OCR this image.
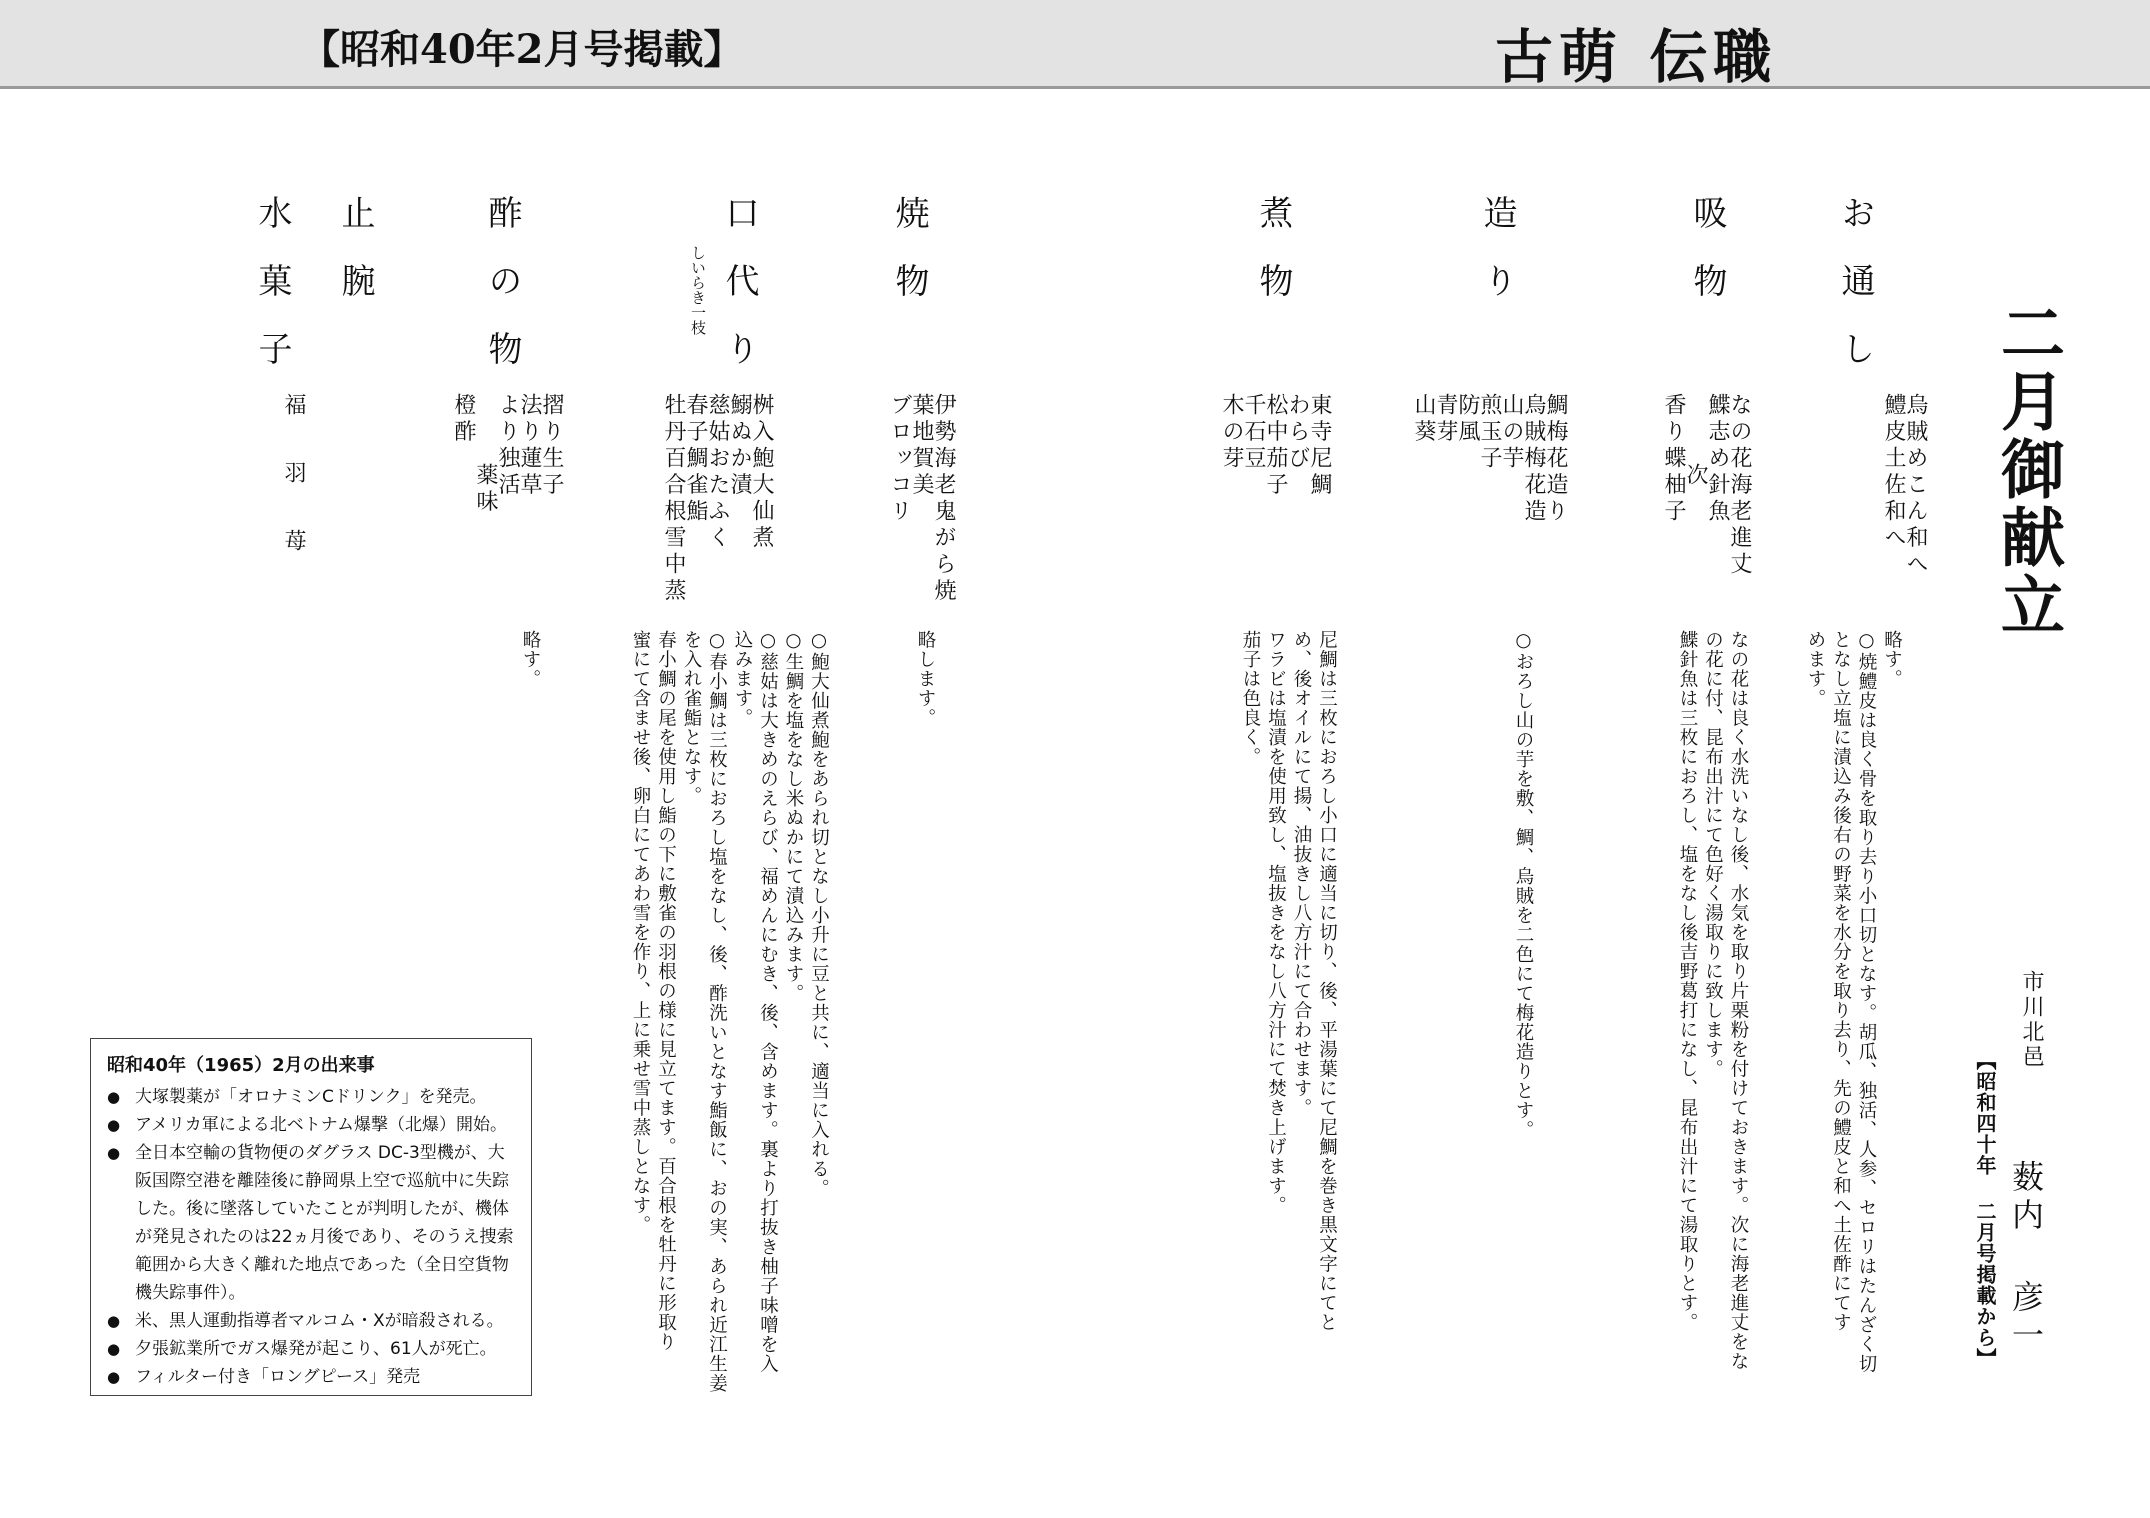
【昭和40年2月号掲載】	古萌 伝職
二月御献立
市川北邑
薮内 彦一
【昭和四十年 二月号掲載から】
お通し

烏賊めこん和へ
鱧皮土佐和へ

略す。
○焼鱧皮は良く骨を取り去り小口切となす。胡瓜、独活、人参、セロリはたんざく切
となし立塩に漬込み後右の野菜を水分を取り去り、先の鱧皮と和へ土佐酢にてす
めます。

吸物

なの花海老進丈
鰈志め針魚
次
香り蝶柚子

なの花は良く水洗いなし後、水気を取り片栗粉を付けておきます。次に海老進丈をな
の花に付、昆布出汁にて色好く湯取りに致します。
鰈針魚は三枚におろし、塩をなし後吉野葛打になし、昆布出汁にて湯取りとす。

造り

鯛梅花造り
烏賊梅花造
山の芋
煎玉子
防風
青芽
山葵

○おろし山の芋を敷、鯛、烏賊を二色にて梅花造りとす。

煮物

東寺尼鯛
わらび
松中茄子
千石豆
木の芽

尼鯛は三枚におろし小口に適当に切り、後、平湯葉にて尼鯛を巻き黒文字にてと
め、後オイルにて揚、油抜きし八方汁にて合わせます。
ワラビは塩漬を使用致し、塩抜きをなし八方汁にて焚き上げます。
茄子は色良く。

焼物

伊勢海老鬼がら焼
葉地賀美
ブロッコリ

略します。

口代り
しいらき一枝

桝入鮑大仙煮
鰯ぬか漬
慈姑おたふく
春子鯛雀鮨
牡丹百合根雪中蒸

○鮑大仙煮鮑をあられ切となし小升に豆と共に、適当に入れる。
○生鯛を塩をなし米ぬかにて漬込みます。
○慈姑は大きめのえらび、福めんにむき、後、含めます。裏より打抜き柚子味噌を入
込みます。
○春小鯛は三枚におろし塩をなし、後、酢洗いとなす鮨飯に、おの実、あられ近江生姜
を入れ雀鮨となす。
春小鯛の尾を使用し鮨の下に敷雀の羽根の様に見立てます。百合根を牡丹に形取り
蜜にて含ませ後、卵白にてあわ雪を作り、上に乗せ雪中蒸しとなす。

酢の物

摺り生子
法り蓮草
より独活
薬味
橙酢

略す。

止腕
水菓子

福羽苺

昭和40年（1965）2月の出来事
● 大塚製薬が「オロナミンCドリンク」を発売。
● アメリカ軍による北ベトナム爆撃（北爆）開始。
● 全日本空輸の貨物便のダグラス DC-3型機が、大阪国際空港を離陸後に静岡県上空で巡航中に失踪した。後に墜落していたことが判明したが、機体が発見されたのは22ヵ月後であり、そのうえ捜索範囲から大きく離れた地点であった（全日空貨物機失踪事件）。
● 米、黒人運動指導者マルコム・Xが暗殺される。
● 夕張鉱業所でガス爆発が起こり、61人が死亡。
● フィルター付き「ロングピース」発売
